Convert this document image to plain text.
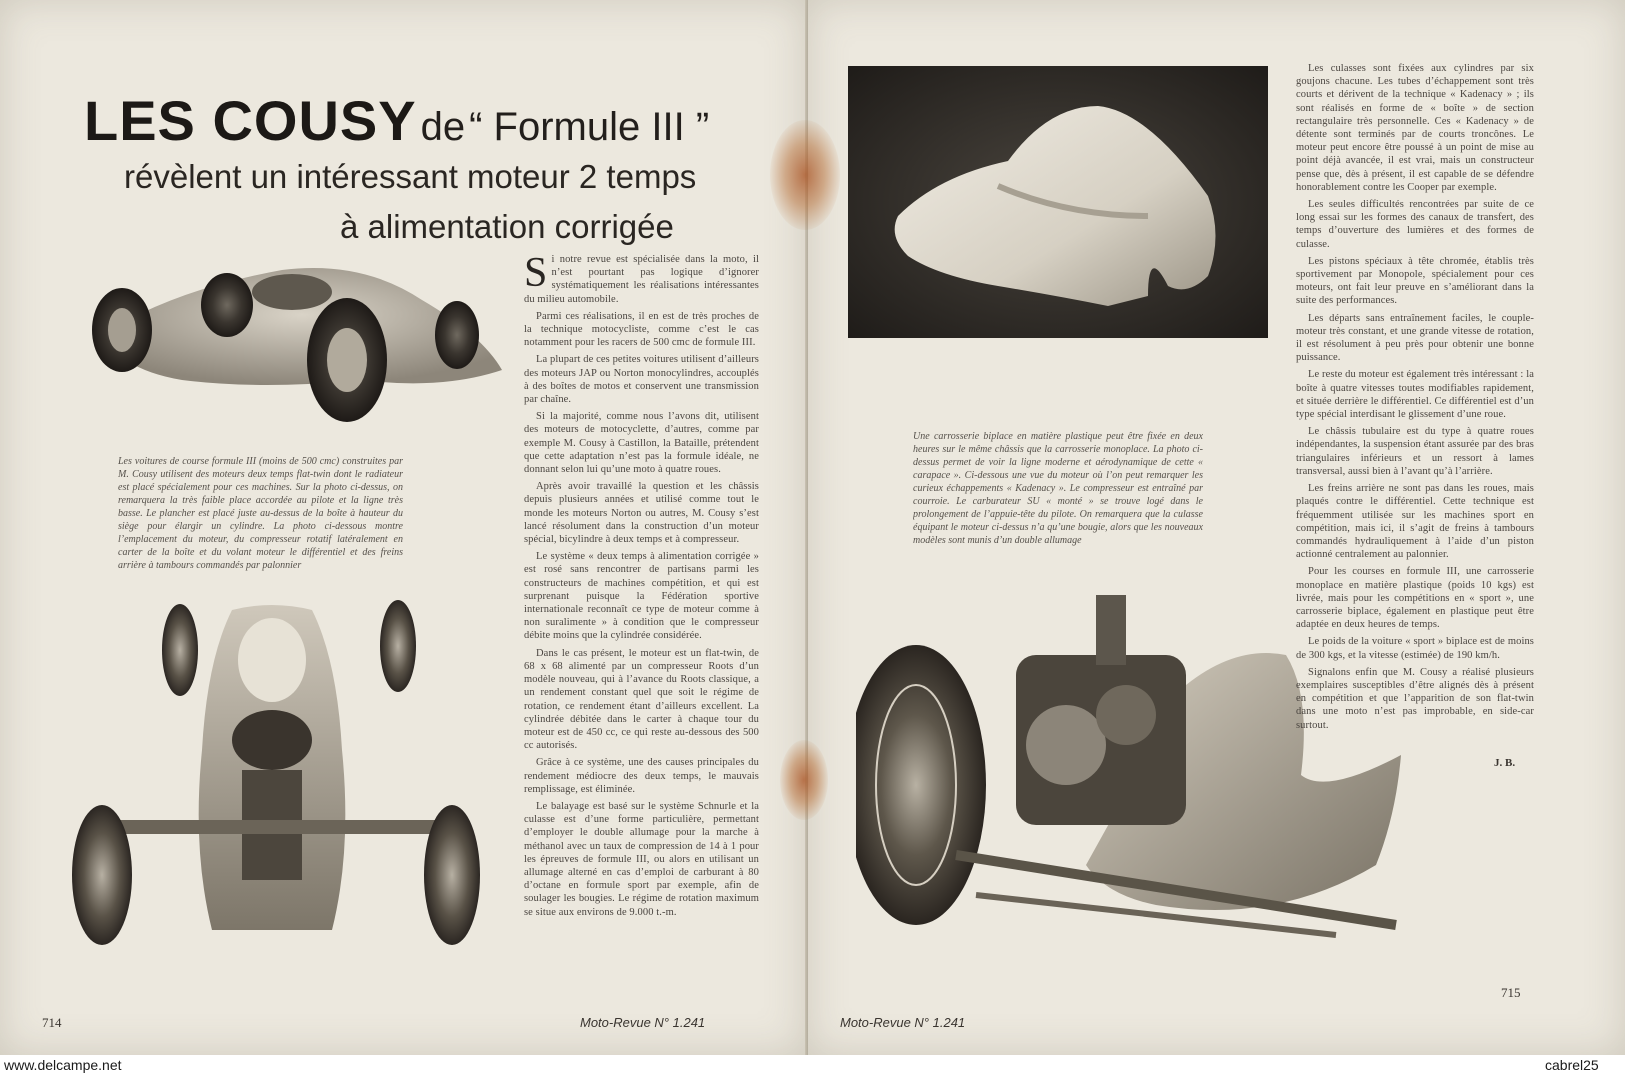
LES COUSY de “ Formule III ”
révèlent un intéressant moteur 2 temps
à alimentation corrigée
Les voitures de course formule III (moins de 500 cmc) construites par M. Cousy utilisent des moteurs deux temps flat-twin dont le radiateur est placé spécialement pour ces machines. Sur la photo ci-dessus, on remarquera la très faible place accordée au pilote et la ligne très basse. Le plancher est placé juste au-dessus de la boîte à hauteur du siège pour élargir un cylindre. La photo ci-dessous montre l’emplacement du moteur, du compresseur rotatif latéralement en carter de la boîte et du volant moteur le différentiel et des freins arrière à tambours commandés par palonnier
S i notre revue est spécialisée dans la moto, il n’est pourtant pas logique d’ignorer systématiquement les réalisations intéressantes du milieu automobile.

Parmi ces réalisations, il en est de très proches de la technique motocycliste, comme c’est le cas notamment pour les racers de 500 cmc de formule III.

La plupart de ces petites voitures utilisent d’ailleurs des moteurs JAP ou Norton monocylindres, accouplés à des boîtes de motos et conservent une transmission par chaîne.

Si la majorité, comme nous l’avons dit, utilisent des moteurs de motocyclette, d’autres, comme par exemple M. Cousy à Castillon, la Bataille, prétendent que cette adaptation n’est pas la formule idéale, ne donnant selon lui qu’une moto à quatre roues.

Après avoir travaillé la question et les châssis depuis plusieurs années et utilisé comme tout le monde les moteurs Norton ou autres, M. Cousy s’est lancé résolument dans la construction d’un moteur spécial, bicylindre à deux temps et à compresseur.

Le système « deux temps à alimentation corrigée » est rosé sans rencontrer de partisans parmi les constructeurs de machines compétition, et qui est surprenant puisque la Fédération sportive internationale reconnaît ce type de moteur comme à non suralimente » à condition que le compresseur débite moins que la cylindrée considérée.

Dans le cas présent, le moteur est un flat-twin, de 68 x 68 alimenté par un compresseur Roots d’un modèle nouveau, qui à l’avance du Roots classique, a un rendement constant quel que soit le régime de rotation, ce rendement étant d’ailleurs excellent. La cylindrée débitée dans le carter à chaque tour du moteur est de 450 cc, ce qui reste au-dessous des 500 cc autorisés.

Grâce à ce système, une des causes principales du rendement médiocre des deux temps, le mauvais remplissage, est éliminée.

Le balayage est basé sur le système Schnurle et la culasse est d’une forme particulière, permettant d’employer le double allumage pour la marche à méthanol avec un taux de compression de 14 à 1 pour les épreuves de formule III, ou alors en utilisant un allumage alterné en cas d’emploi de carburant à 80 d’octane en formule sport par exemple, afin de soulager les bougies. Le régime de rotation maximum se situe aux environs de 9.000 t.-m.

714	Moto-Revue N° 1.241
Une carrosserie biplace en matière plastique peut être fixée en deux heures sur le même châssis que la carrosserie monoplace. La photo ci-dessus permet de voir la ligne moderne et aérodynamique de cette « carapace ». Ci-dessous une vue du moteur où l’on peut remarquer les curieux échappements « Kadenacy ». Le compresseur est entraîné par courroie. Le carburateur SU « monté » se trouve logé dans le prolongement de l’appuie-tête du pilote. On remarquera que la culasse équipant le moteur ci-dessus n’a qu’une bougie, alors que les nouveaux modèles sont munis d’un double allumage

Les culasses sont fixées aux cylindres par six goujons chacune. Les tubes d’échappement sont très courts et dérivent de la technique « Kadenacy » ; ils sont réalisés en forme de « boîte » de section rectangulaire très personnelle. Ces « Kadenacy » de détente sont terminés par de courts troncônes. Le moteur peut encore être poussé à un point de mise au point déjà avancée, il est vrai, mais un constructeur pense que, dès à présent, il est capable de se défendre honorablement contre les Cooper par exemple.

Les seules difficultés rencontrées par suite de ce long essai sur les formes des canaux de transfert, des temps d’ouverture des lumières et des formes de culasse.

Les pistons spéciaux à tête chromée, établis très sportivement par Monopole, spécialement pour ces moteurs, ont fait leur preuve en s’améliorant dans la suite des performances.

Les départs sans entraînement faciles, le couple-moteur très constant, et une grande vitesse de rotation, il est résolument à peu près pour obtenir une bonne puissance.

Le reste du moteur est également très intéressant : la boîte à quatre vitesses toutes modifiables rapidement, et située derrière le différentiel. Ce différentiel est d’un type spécial interdisant le glissement d’une roue.

Le châssis tubulaire est du type à quatre roues indépendantes, la suspension étant assurée par des bras triangulaires inférieurs et un ressort à lames transversal, aussi bien à l’avant qu’à l’arrière.

Les freins arrière ne sont pas dans les roues, mais plaqués contre le différentiel. Cette technique est fréquemment utilisée sur les machines sport en compétition, mais ici, il s’agit de freins à tambours commandés hydrauliquement à l’aide d’un piston actionné centralement au palonnier.

Pour les courses en formule III, une carrosserie monoplace en matière plastique (poids 10 kgs) est livrée, mais pour les compétitions en « sport », une carrosserie biplace, également en plastique peut être adaptée en deux heures de temps.

Le poids de la voiture « sport » biplace est de moins de 300 kgs, et la vitesse (estimée) de 190 km/h.

Signalons enfin que M. Cousy a réalisé plusieurs exemplaires susceptibles d’être alignés dès à présent en compétition et que l’apparition de son flat-twin dans une moto n’est pas improbable, en side-car surtout.

J. B.
Moto-Revue N° 1.241
715
www.delcampe.net	cabrel25
